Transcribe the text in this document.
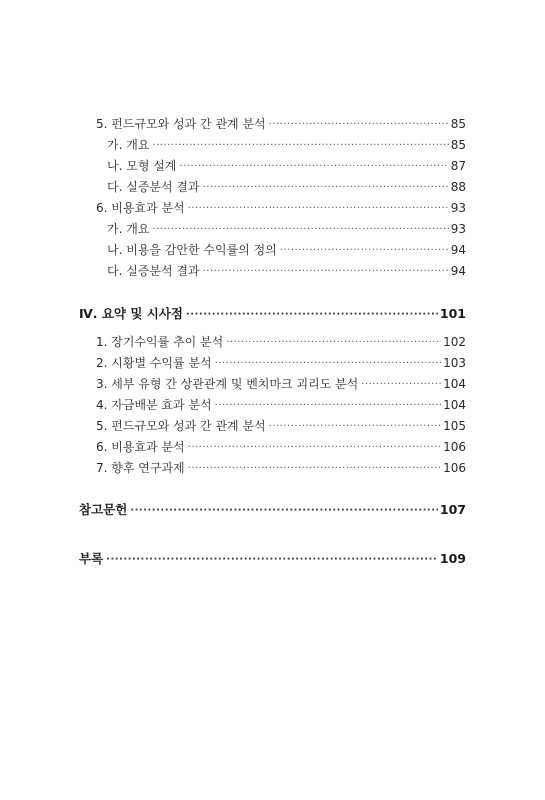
5. 펀드규모와 성과 간 관계 분석 ·····	85
가. 개요 ·····	85
나. 모형 설계 ·····	87
다. 실증분석 결과 ·····	88
6. 비용효과 분석 ·····	93
가. 개요 ·····	93
나. 비용을 감안한 수익률의 정의 ·····	94
다. 실증분석 결과 ·····	94
Ⅳ. 요약 및 시사점 ·····	101
1. 장기수익률 추이 분석 ·····	102
2. 시황별 수익률 분석 ·····	103
3. 세부 유형 간 상관관계 및 벤치마크 괴리도 분석 ·····	104
4. 자금배분 효과 분석 ·····	104
5. 펀드규모와 성과 간 관계 분석 ·····	105
6. 비용효과 분석 ·····	106
7. 향후 연구과제 ·····	106
참고문헌 ·····	107
부록 ·····	109
